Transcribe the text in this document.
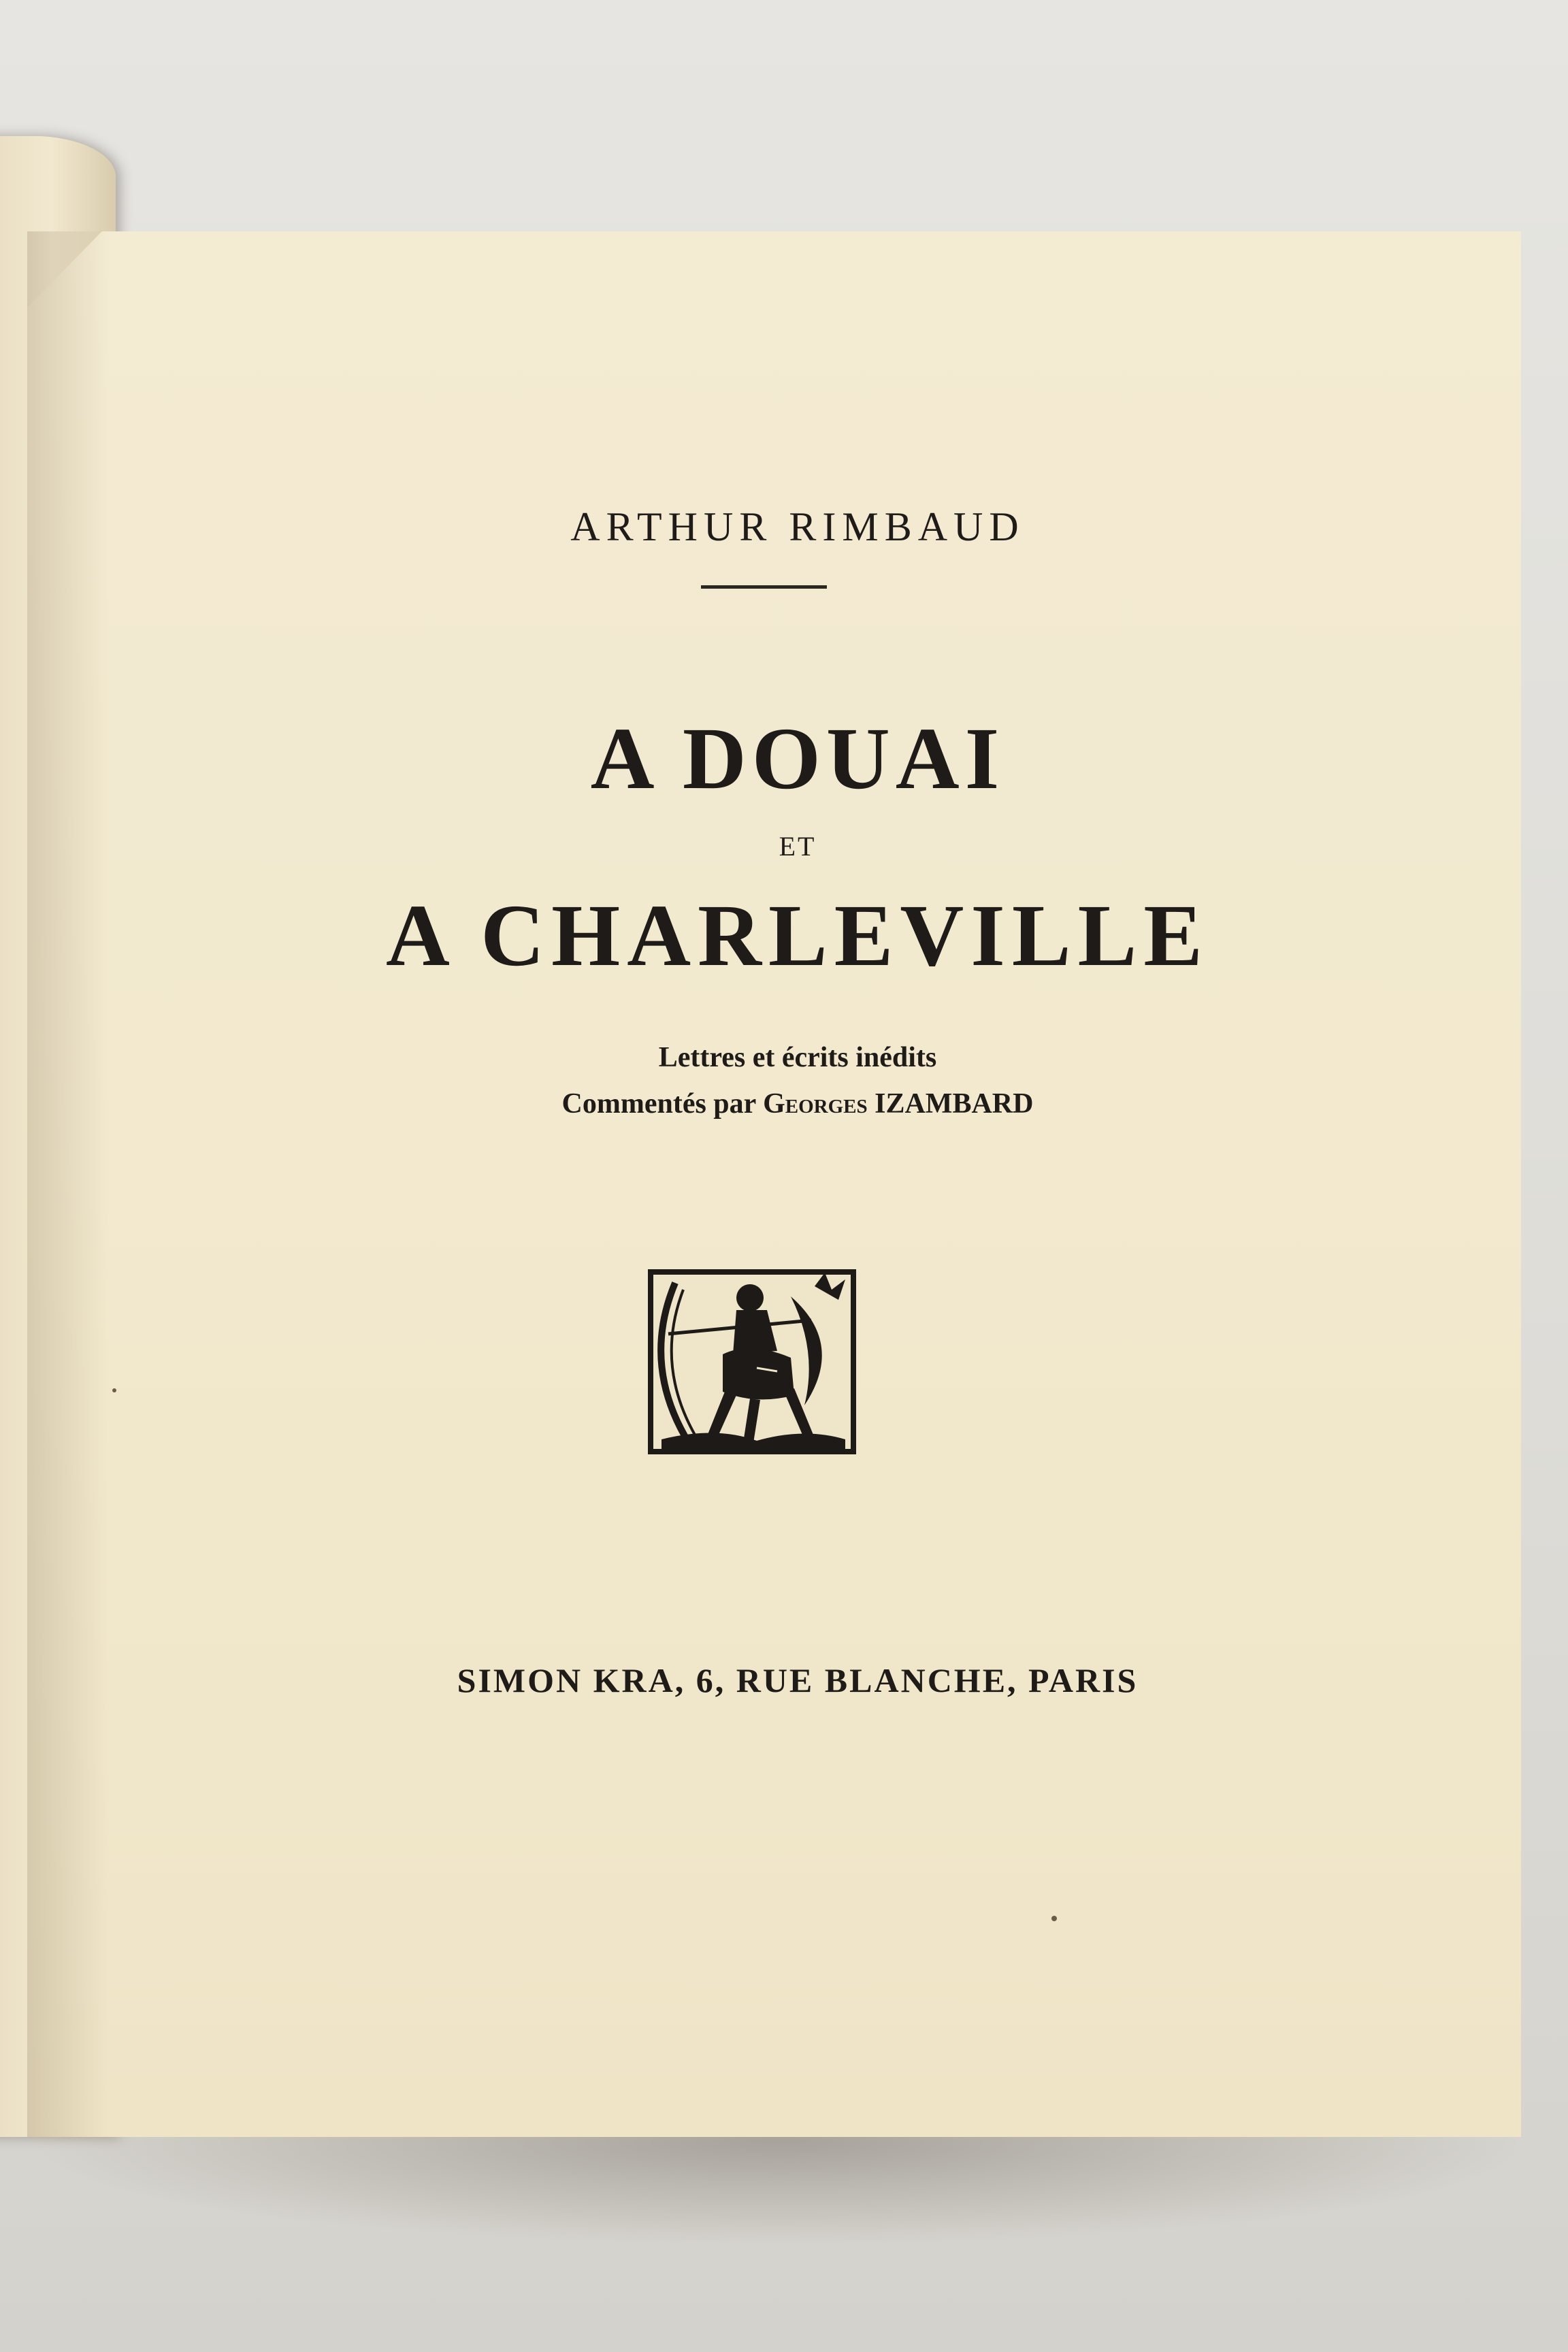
ARTHUR RIMBAUD
A DOUAI
ET
A CHARLEVILLE
Lettres et écrits inédits
Commentés par Georges IZAMBARD
SIMON KRA, 6, RUE BLANCHE, PARIS
